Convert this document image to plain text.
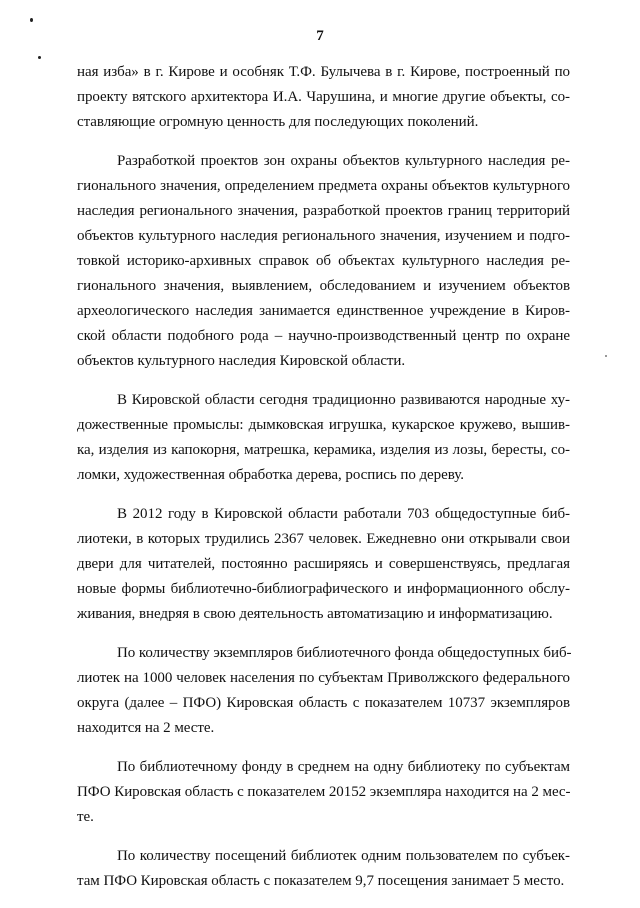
7
ная изба» в г. Кирове и особняк Т.Ф. Булычева в г. Кирове, построенный по
проекту вятского архитектора И.А. Чарушина, и многие другие объекты, со-
ставляющие огромную ценность для последующих поколений.
Разработкой проектов зон охраны объектов культурного наследия ре-
гионального значения, определением предмета охраны объектов культурного
наследия регионального значения, разработкой проектов границ территорий
объектов культурного наследия регионального значения, изучением и подго-
товкой историко-архивных справок об объектах культурного наследия ре-
гионального значения, выявлением, обследованием и изучением объектов
археологического наследия занимается единственное учреждение в Киров-
ской области подобного рода – научно-производственный центр по охране
объектов культурного наследия Кировской области.
В Кировской области сегодня традиционно развиваются народные ху-
дожественные промыслы: дымковская игрушка, кукарское кружево, вышив-
ка, изделия из капокорня, матрешка, керамика, изделия из лозы, бересты, со-
ломки, художественная обработка дерева, роспись по дереву.
В 2012 году в Кировской области работали 703 общедоступные биб-
лиотеки, в которых трудились 2367 человек. Ежедневно они открывали свои
двери для читателей, постоянно расширяясь и совершенствуясь, предлагая
новые формы библиотечно-библиографического и информационного обслу-
живания, внедряя в свою деятельность автоматизацию и информатизацию.
По количеству экземпляров библиотечного фонда общедоступных биб-
лиотек на 1000 человек населения по субъектам Приволжского федерального
округа (далее – ПФО) Кировская область с показателем 10737 экземпляров
находится на 2 месте.
По библиотечному фонду в среднем на одну библиотеку по субъектам
ПФО Кировская область с показателем 20152 экземпляра находится на 2 мес-
те.
По количеству посещений библиотек одним пользователем по субъек-
там ПФО Кировская область с показателем 9,7 посещения занимает 5 место.
